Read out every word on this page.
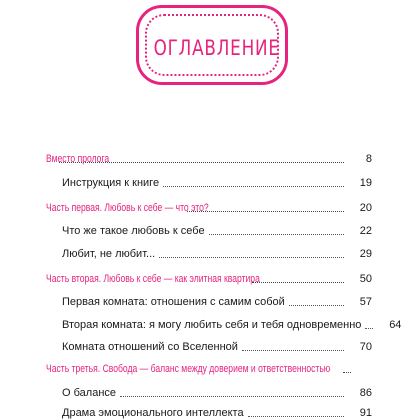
ОГЛАВЛЕНИЕ
Вместо пролога	8
Инструкция к книге	19
Часть первая. Любовь к себе — что это?	20
Что же такое любовь к себе	22
Любит, не любит...	29
Часть вторая. Любовь к себе — как элитная квартира	50
Первая комната: отношения с самим собой	57
Вторая комната: я могу любить себя и тебя одновременно	64
Комната отношений со Вселенной	70
Часть третья. Свобода — баланс между доверием и ответственностью
О балансе	86
Драма эмоционального интеллекта	91
